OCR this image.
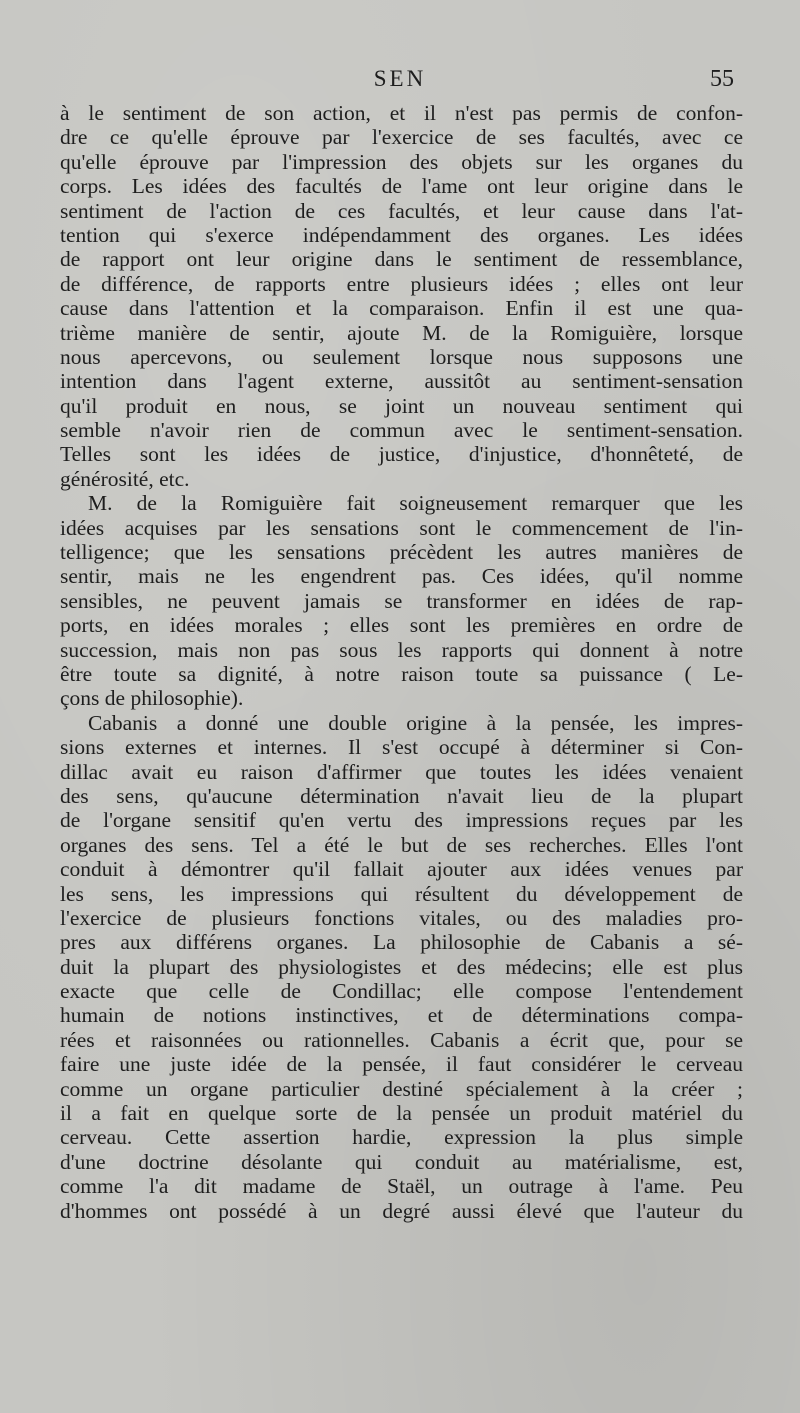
SEN	55
à le sentiment de son action, et il n'est pas permis de confon-
dre ce qu'elle éprouve par l'exercice de ses facultés, avec ce
qu'elle éprouve par l'impression des objets sur les organes du
corps. Les idées des facultés de l'ame ont leur origine dans le
sentiment de l'action de ces facultés, et leur cause dans l'at-
tention qui s'exerce indépendamment des organes. Les idées
de rapport ont leur origine dans le sentiment de ressemblance,
de différence, de rapports entre plusieurs idées ; elles ont leur
cause dans l'attention et la comparaison. Enfin il est une qua-
trième manière de sentir, ajoute M. de la Romiguière, lorsque
nous apercevons, ou seulement lorsque nous supposons une
intention dans l'agent externe, aussitôt au sentiment-sensation
qu'il produit en nous, se joint un nouveau sentiment qui
semble n'avoir rien de commun avec le sentiment-sensation.
Telles sont les idées de justice, d'injustice, d'honnêteté, de
générosité, etc.
M. de la Romiguière fait soigneusement remarquer que les
idées acquises par les sensations sont le commencement de l'in-
telligence; que les sensations précèdent les autres manières de
sentir, mais ne les engendrent pas. Ces idées, qu'il nomme
sensibles, ne peuvent jamais se transformer en idées de rap-
ports, en idées morales ; elles sont les premières en ordre de
succession, mais non pas sous les rapports qui donnent à notre
être toute sa dignité, à notre raison toute sa puissance ( Le-
çons de philosophie).
Cabanis a donné une double origine à la pensée, les impres-
sions externes et internes. Il s'est occupé à déterminer si Con-
dillac avait eu raison d'affirmer que toutes les idées venaient
des sens, qu'aucune détermination n'avait lieu de la plupart
de l'organe sensitif qu'en vertu des impressions reçues par les
organes des sens. Tel a été le but de ses recherches. Elles l'ont
conduit à démontrer qu'il fallait ajouter aux idées venues par
les sens, les impressions qui résultent du développement de
l'exercice de plusieurs fonctions vitales, ou des maladies pro-
pres aux différens organes. La philosophie de Cabanis a sé-
duit la plupart des physiologistes et des médecins; elle est plus
exacte que celle de Condillac; elle compose l'entendement
humain de notions instinctives, et de déterminations compa-
rées et raisonnées ou rationnelles. Cabanis a écrit que, pour se
faire une juste idée de la pensée, il faut considérer le cerveau
comme un organe particulier destiné spécialement à la créer ;
il a fait en quelque sorte de la pensée un produit matériel du
cerveau. Cette assertion hardie, expression la plus simple
d'une doctrine désolante qui conduit au matérialisme, est,
comme l'a dit madame de Staël, un outrage à l'ame. Peu
d'hommes ont possédé à un degré aussi élevé que l'auteur du
